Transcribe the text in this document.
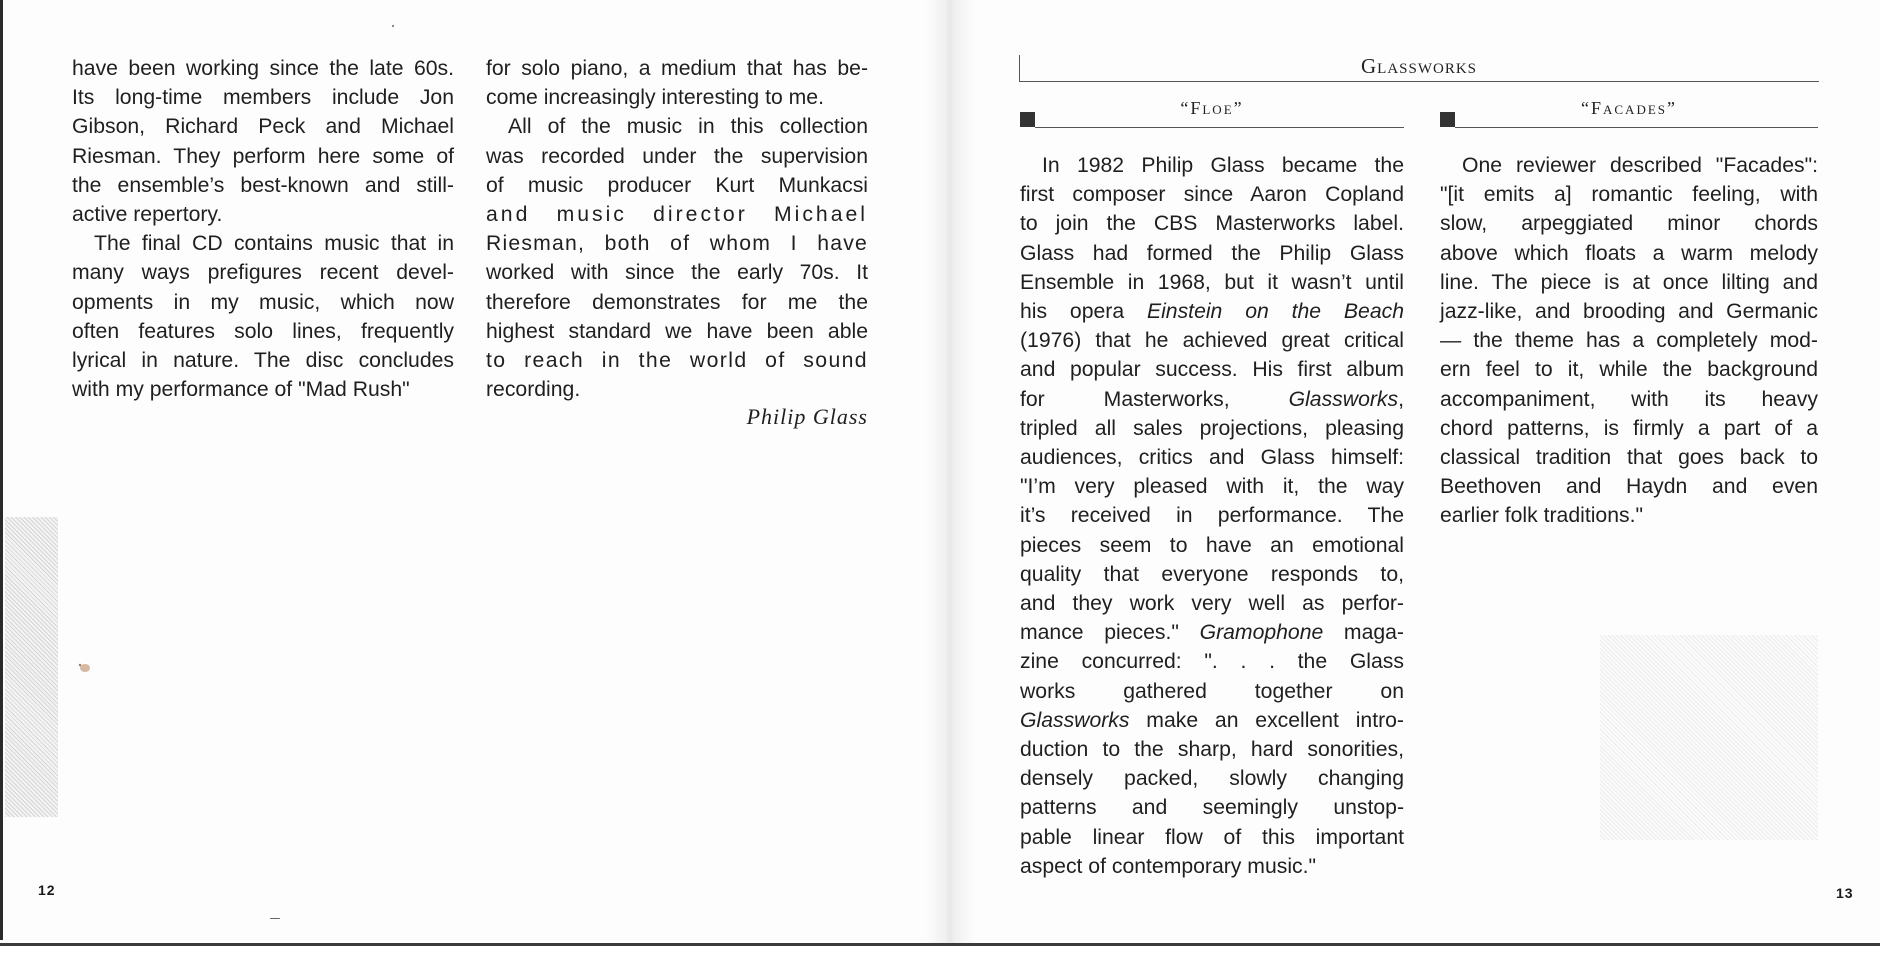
have been working since the late 60s.
Its long-time members include Jon
Gibson, Richard Peck and Michael
Riesman. They perform here some of
the ensemble’s best-known and still-
active repertory.

The final CD contains music that in
many ways prefigures recent devel-
opments in my music, which now
often features solo lines, frequently
lyrical in nature. The disc concludes
with my performance of "Mad Rush"

for solo piano, a medium that has be-
come increasingly interesting to me.

All of the music in this collection
was recorded under the supervision
of music producer Kurt Munkacsi
and music director Michael
Riesman, both of whom I have
worked with since the early 70s. It
therefore demonstrates for me the
highest standard we have been able
to reach in the world of sound
recording.

Philip Glass
12
Glassworks
“Floe”	“Facades”

In 1982 Philip Glass became the
first composer since Aaron Copland
to join the CBS Masterworks label.
Glass had formed the Philip Glass
Ensemble in 1968, but it wasn’t until
his opera Einstein on the Beach
(1976) that he achieved great critical
and popular success. His first album
for Masterworks, Glassworks,
tripled all sales projections, pleasing
audiences, critics and Glass himself:
"I’m very pleased with it, the way
it’s received in performance. The
pieces seem to have an emotional
quality that everyone responds to,
and they work very well as perfor-
mance pieces." Gramophone maga-
zine concurred: ". . . the Glass
works gathered together on
Glassworks make an excellent intro-
duction to the sharp, hard sonorities,
densely packed, slowly changing
patterns and seemingly unstop-
pable linear flow of this important
aspect of contemporary music."

One reviewer described "Facades":
"[it emits a] romantic feeling, with
slow, arpeggiated minor chords
above which floats a warm melody
line. The piece is at once lilting and
jazz-like, and brooding and Germanic
— the theme has a completely mod-
ern feel to it, while the background
accompaniment, with its heavy
chord patterns, is firmly a part of a
classical tradition that goes back to
Beethoven and Haydn and even
earlier folk traditions."

13
